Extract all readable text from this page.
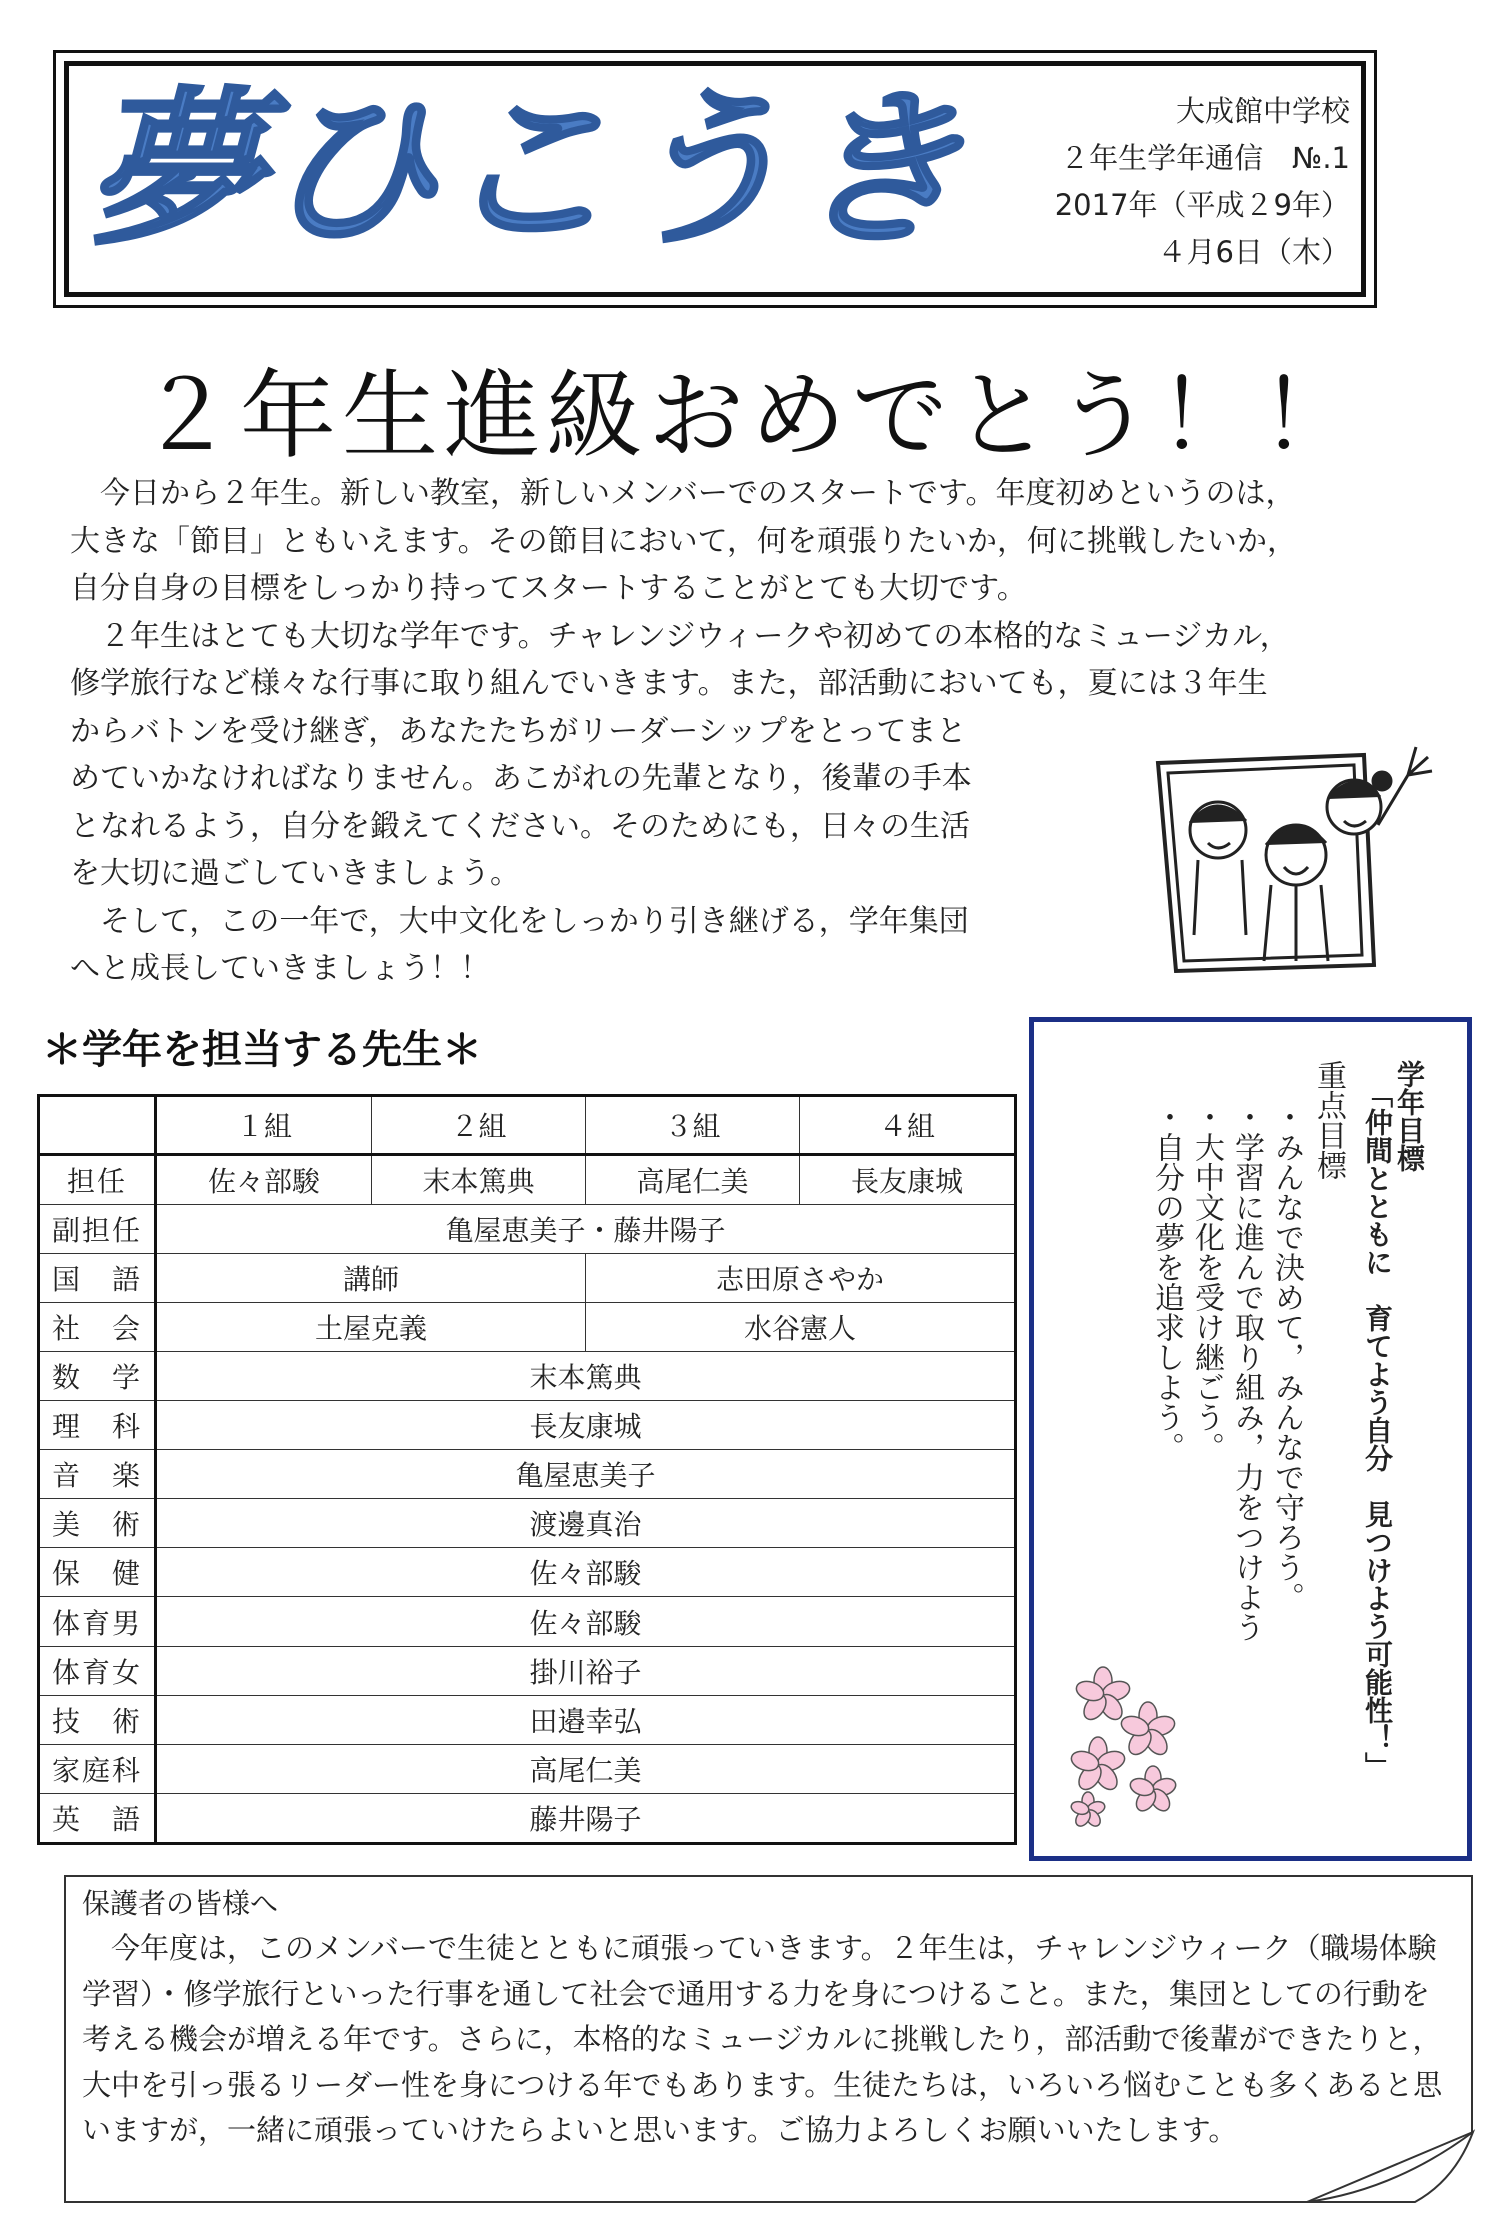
夢ひこうき	大成館中学校
２年生学年通信　№.1
2017年（平成２9年）
４月6日（木）
２年生進級おめでとう！！

　今日から２年生。新しい教室，新しいメンバーでのスタートです。年度初めというのは，

大きな「節目」ともいえます。その節目において，何を頑張りたいか，何に挑戦したいか，

自分自身の目標をしっかり持ってスタートすることがとても大切です。

　２年生はとても大切な学年です。チャレンジウィークや初めての本格的なミュージカル，

修学旅行など様々な行事に取り組んでいきます。また，部活動においても，夏には３年生

からバトンを受け継ぎ，あなたたちがリーダーシップをとってまと

めていかなければなりません。あこがれの先輩となり，後輩の手本

となれるよう，自分を鍛えてください。そのためにも，日々の生活

を大切に過ごしていきましょう。

　そして，この一年で，大中文化をしっかり引き継げる，学年集団

へと成長していきましょう！！

＊学年を担当する先生＊
	１組	２組	３組	４組
担任	佐々部駿	末本篤典	高尾仁美	長友康城
副担任	亀屋恵美子・藤井陽子			
国　語	講師		志田原さやか	
社　会	土屋克義		水谷憲人	
数　学	末本篤典			
理　科	長友康城			
音　楽	亀屋恵美子			
美　術	渡邊真治			
保　健	佐々部駿			
体育男	佐々部駿			
体育女	掛川裕子			
技　術	田邉幸弘			
家庭科	高尾仁美			
英　語	藤井陽子			
学年目標
「仲間とともに　育てよう自分　見つけよう可能性！」
重点目標
・みんなで決めて，みんなで守ろう。
・学習に進んで取り組み，力をつけよう
・大中文化を受け継ごう。
・自分の夢を追求しよう。
保護者の皆様へ

　今年度は，このメンバーで生徒とともに頑張っていきます。２年生は，チャレンジウィーク（職場体験

学習）・修学旅行といった行事を通して社会で通用する力を身につけること。また，集団としての行動を

考える機会が増える年です。さらに，本格的なミュージカルに挑戦したり，部活動で後輩ができたりと，

大中を引っ張るリーダー性を身につける年でもあります。生徒たちは，いろいろ悩むことも多くあると思

いますが，一緒に頑張っていけたらよいと思います。ご協力よろしくお願いいたします。
